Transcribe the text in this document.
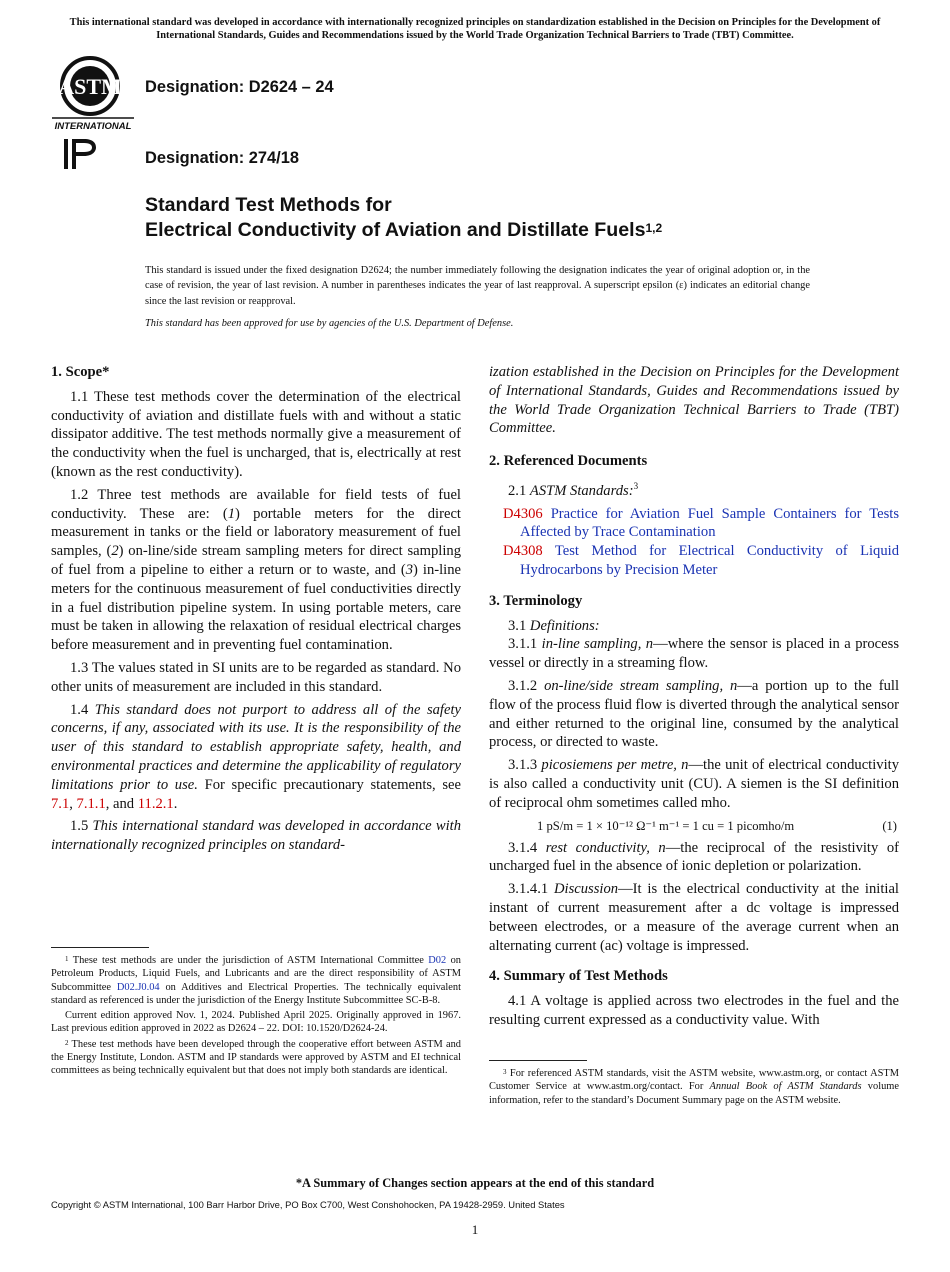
This international standard was developed in accordance with internationally recognized principles on standardization established in the Decision on Principles for the Development of International Standards, Guides and Recommendations issued by the World Trade Organization Technical Barriers to Trade (TBT) Committee.
ASTM
INTERNATIONAL
Designation: D2624 – 24
Designation: 274/18
Standard Test Methods for
Electrical Conductivity of Aviation and Distillate Fuels$^{1,2}$
This standard is issued under the fixed designation D2624; the number immediately following the designation indicates the year of original adoption or, in the case of revision, the year of last revision. A number in parentheses indicates the year of last reapproval. A superscript epsilon (ε) indicates an editorial change since the last revision or reapproval.
This standard has been approved for use by agencies of the U.S. Department of Defense.
1. Scope*

1.1 These test methods cover the determination of the electrical conductivity of aviation and distillate fuels with and without a static dissipator additive. The test methods normally give a measurement of the conductivity when the fuel is uncharged, that is, electrically at rest (known as the rest conductivity).

1.2 Three test methods are available for field tests of fuel conductivity. These are: (1) portable meters for the direct measurement in tanks or the field or laboratory measurement of fuel samples, (2) on-line/side stream sampling meters for direct sampling of fuel from a pipeline to either a return or to waste, and (3) in-line meters for the continuous measurement of fuel conductivities directly in a fuel distribution pipeline system. In using portable meters, care must be taken in allowing the relaxation of residual electrical charges before measurement and in preventing fuel contamination.

1.3 The values stated in SI units are to be regarded as standard. No other units of measurement are included in this standard.

1.4 This standard does not purport to address all of the safety concerns, if any, associated with its use. It is the responsibility of the user of this standard to establish appropriate safety, health, and environmental practices and determine the applicability of regulatory limitations prior to use. For specific precautionary statements, see 7.1, 7.1.1, and 11.2.1.

1.5 This international standard was developed in accordance with internationally recognized principles on standard-

ization established in the Decision on Principles for the Development of International Standards, Guides and Recommendations issued by the World Trade Organization Technical Barriers to Trade (TBT) Committee.

2. Referenced Documents

2.1 ASTM Standards:$^3$

D4306 Practice for Aviation Fuel Sample Containers for Tests Affected by Trace Contamination

D4308 Test Method for Electrical Conductivity of Liquid Hydrocarbons by Precision Meter

3. Terminology

3.1 Definitions:

3.1.1 in-line sampling, n—where the sensor is placed in a process vessel or directly in a streaming flow.

3.1.2 on-line/side stream sampling, n—a portion up to the full flow of the process fluid flow is diverted through the analytical sensor and either returned to the original line, consumed by the analytical process, or directed to waste.

3.1.3 picosiemens per metre, n—the unit of electrical conductivity is also called a conductivity unit (CU). A siemen is the SI definition of reciprocal ohm sometimes called mho.

1 pS/m = 1 × 10⁻¹² Ω⁻¹ m⁻¹ = 1 cu = 1 picomho/m	(1)

3.1.4 rest conductivity, n—the reciprocal of the resistivity of uncharged fuel in the absence of ionic depletion or polarization.

3.1.4.1 Discussion—It is the electrical conductivity at the initial instant of current measurement after a dc voltage is impressed between electrodes, or a measure of the average current when an alternating current (ac) voltage is impressed.

4. Summary of Test Methods

4.1 A voltage is applied across two electrodes in the fuel and the resulting current expressed as a conductivity value. With

$^1$ These test methods are under the jurisdiction of ASTM International Committee D02 on Petroleum Products, Liquid Fuels, and Lubricants and are the direct responsibility of ASTM Subcommittee D02.J0.04 on Additives and Electrical Properties. The technically equivalent standard as referenced is under the jurisdiction of the Energy Institute Subcommittee SC-B-8.

Current edition approved Nov. 1, 2024. Published April 2025. Originally approved in 1967. Last previous edition approved in 2022 as D2624 – 22. DOI: 10.1520/D2624-24.

$^2$ These test methods have been developed through the cooperative effort between ASTM and the Energy Institute, London. ASTM and IP standards were approved by ASTM and EI technical committees as being technically equivalent but that does not imply both standards are identical.	$^3$ For referenced ASTM standards, visit the ASTM website, www.astm.org, or contact ASTM Customer Service at www.astm.org/contact. For Annual Book of ASTM Standards volume information, refer to the standard’s Document Summary page on the ASTM website.

*A Summary of Changes section appears at the end of this standard
Copyright © ASTM International, 100 Barr Harbor Drive, PO Box C700, West Conshohocken, PA 19428-2959. United States
1
